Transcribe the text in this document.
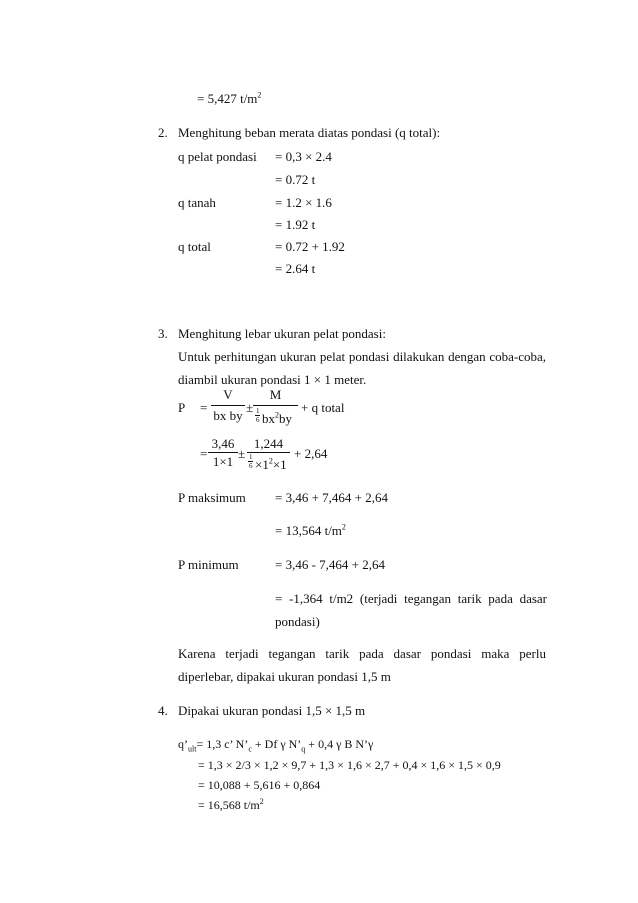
= 5,427 $t/m^2$
2. Menghitung beban merata diatas pondasi (q total):
q pelat pondasi = 0,3 × 2.4
= 0.72 t
q tanah	= 1.2 × 1.6
= 1.92 t
q total	= 0.72 + 1.92
= 2.64 t
3. Menghitung lebar ukuran pelat pondasi:
Untuk perhitungan ukuran pelat pondasi dilakukan dengan coba-coba,
diambil ukuran pondasi 1 × 1 meter.
P =
V
bx by
±
M
$\frac{1}{6} bx^2by$
+ q total
=
3,46
1×1
±
1,244
$\frac{1}{6} \times 1^2\times 1$
+ 2,64
P maksimum = 3,46 + 7,464 + 2,64
= 13,564 $t/m^2$
P minimum	= 3,46 - 7,464 + 2,64
= -1,364 t/m2 (terjadi tegangan tarik pada dasar
pondasi)
Karena terjadi tegangan tarik pada dasar pondasi maka perlu
diperlebar, dipakai ukuran pondasi 1,5 m
4. Dipakai ukuran pondasi 1,5 × 1,5 m
$q’_{ult}= 1,3$ c’ $N’_c + Df$ γ $N’_q + 0,4$ γ B N’γ
= 1,3 × 2/3 × 1,2 × 9,7 + 1,3 × 1,6 × 2,7 + 0,4 × 1,6 × 1,5 × 0,9
= 10,088 + 5,616 + 0,864
= 16,568 $t/m^2$
